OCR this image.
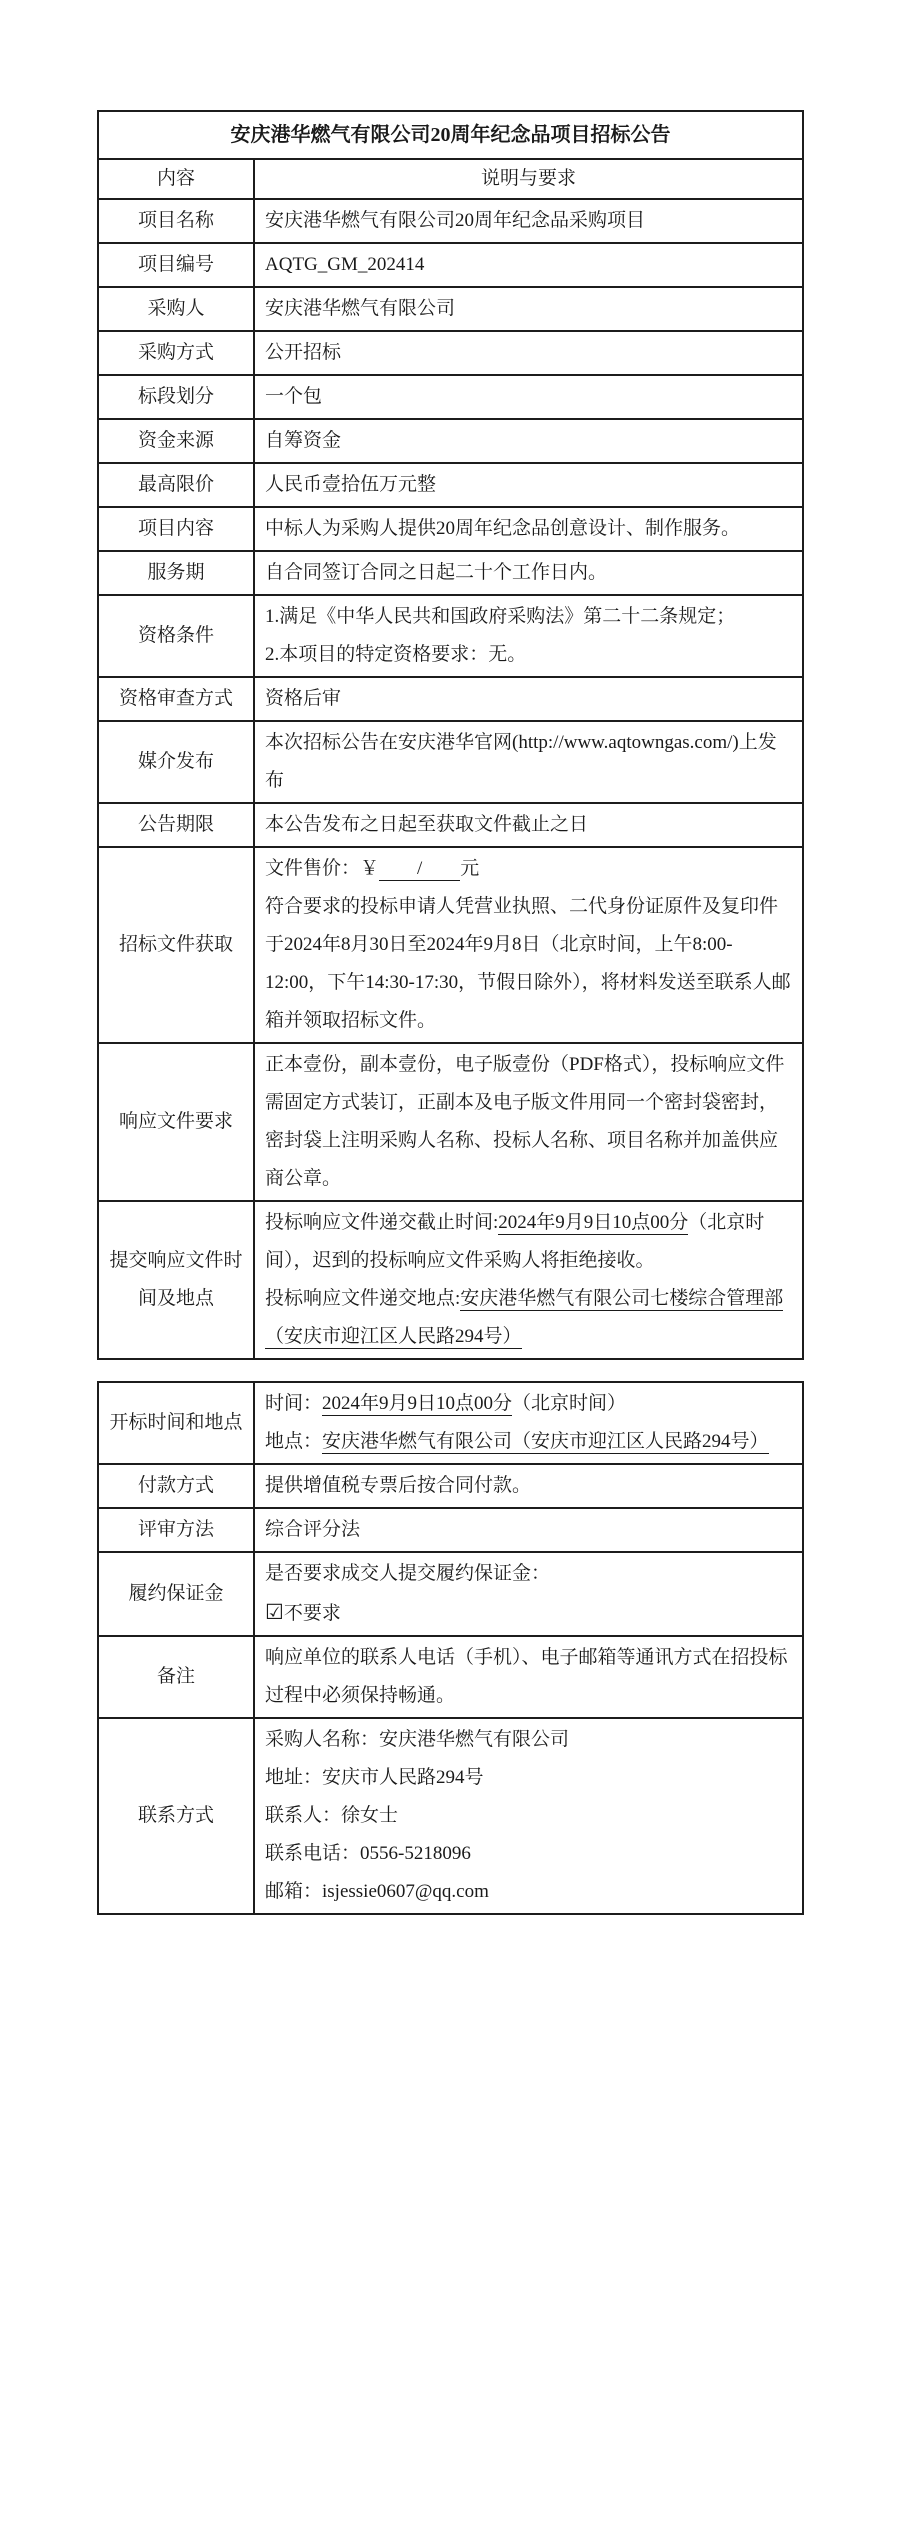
安庆港华燃气有限公司20周年纪念品项目招标公告	
内容	说明与要求
项目名称	安庆港华燃气有限公司20周年纪念品采购项目

项目编号	AQTG_GM_202414

采购人	安庆港华燃气有限公司

采购方式	公开招标

标段划分	一个包

资金来源	自筹资金

最高限价	人民币壹拾伍万元整

项目内容	中标人为采购人提供20周年纪念品创意设计、制作服务。

服务期	自合同签订合同之日起二十个工作日内。

资格条件	1.满足《中华人民共和国政府采购法》第二十二条规定；
2.本项目的特定资格要求：无。

资格审查方式	资格后审

媒介发布	本次招标公告在安庆港华官网(http://www.aqtowngas.com/)上发布

公告期限	本公告发布之日起至获取文件截止之日

招标文件获取	文件售价：￥　　/　　元
符合要求的投标申请人凭营业执照、二代身份证原件及复印件于2024年8月30日至2024年9月8日（北京时间，上午8:00-12:00，下午14:30-17:30，节假日除外），将材料发送至联系人邮箱并领取招标文件。

响应文件要求	正本壹份，副本壹份，电子版壹份（PDF格式），投标响应文件需固定方式装订，正副本及电子版文件用同一个密封袋密封，密封袋上注明采购人名称、投标人名称、项目名称并加盖供应商公章。

提交响应文件时间及地点	投标响应文件递交截止时间:2024年9月9日10点00分（北京时间），迟到的投标响应文件采购人将拒绝接收。
投标响应文件递交地点:安庆港华燃气有限公司七楼综合管理部（安庆市迎江区人民路294号）
开标时间和地点	时间：2024年9月9日10点00分（北京时间）
地点：安庆港华燃气有限公司（安庆市迎江区人民路294号）

付款方式	提供增值税专票后按合同付款。

评审方法	综合评分法

履约保证金	是否要求成交人提交履约保证金：
☑不要求

备注	响应单位的联系人电话（手机）、电子邮箱等通讯方式在招投标过程中必须保持畅通。

联系方式	采购人名称：安庆港华燃气有限公司
地址：安庆市人民路294号
联系人：徐女士
联系电话：0556-5218096
邮箱：isjessie0607@qq.com
